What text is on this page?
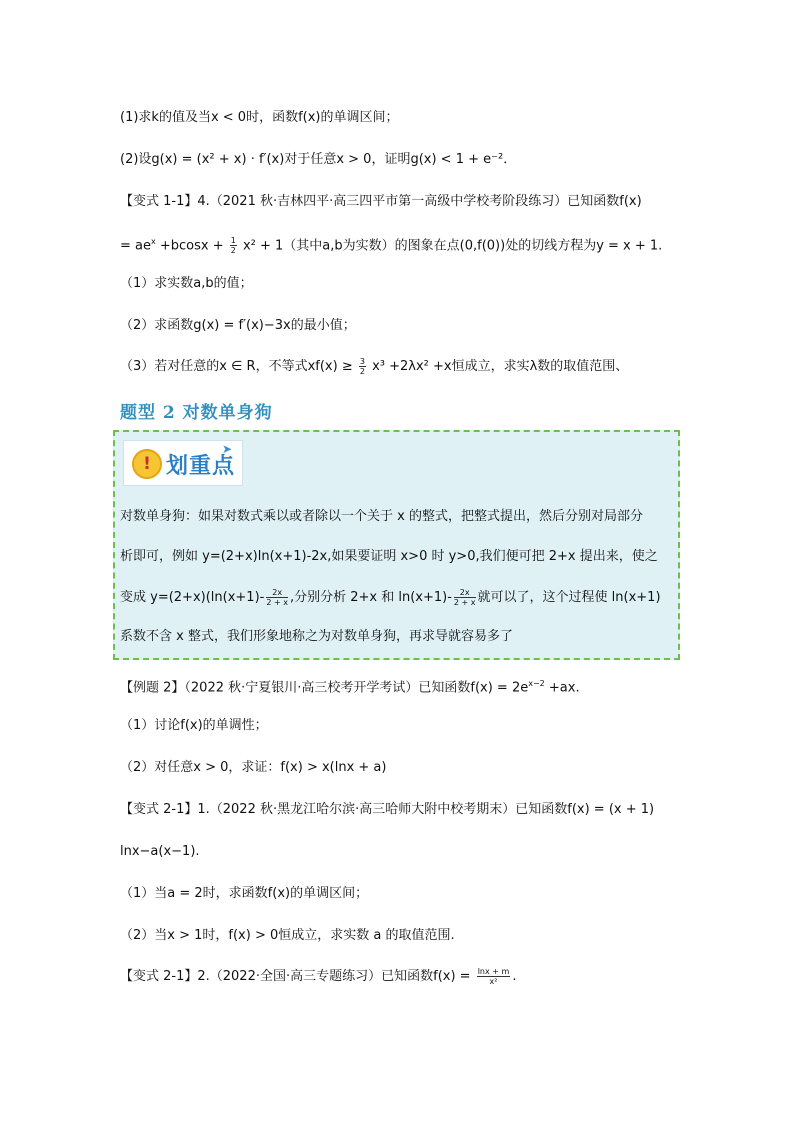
(1)求k的值及当x < 0时，函数f(x)的单调区间；
(2)设g(x) = (x² + x) · f′(x)对于任意x > 0，证明g(x) < 1 + e⁻²．
【变式 1-1】4.（2021 秋·吉林四平·高三四平市第一高级中学校考阶段练习）已知函数f(x)
= $ae^x +bcosx + \frac{1}{2} x^2 + 1$（其中a,b为实数）的图象在点(0,f(0))处的切线方程为y = x + 1.
（1）求实数a,b的值；
（2）求函数g(x) = f′(x)−3x的最小值；
（3）若对任意的x ∈ R，不等式$xf(x) \ge \frac{3}{2} x^3 +2\lambda x^2 +x$恒成立，求实λ数的取值范围、
题型 2 对数单身狗
! 划重点
➤
对数单身狗：如果对数式乘以或者除以一个关于 x 的整式，把整式提出，然后分别对局部分
析即可，例如 y=(2+x)ln(x+1)-2x,如果要证明 x>0 时 y>0,我们便可把 2+x 提出来，使之
变成 $y=(2+x)(\ln(x+1)- \frac{2x}{2 + x}$ ,分别分析 2+x 和 $\ln(x+1)- \frac{2x}{2 + x}$ 就可以了，这个过程使 ln(x+1)
系数不含 x 整式，我们形象地称之为对数单身狗，再求导就容易多了
【例题 2】（2022 秋·宁夏银川·高三校考开学考试）已知函数$f(x) = 2e^{x-2} +ax$.
（1）讨论f(x)的单调性；
（2）对任意x > 0，求证：f(x) > x(lnx + a)
【变式 2-1】1.（2022 秋·黑龙江哈尔滨·高三哈师大附中校考期末）已知函数f(x) = (x + 1)
lnx−a(x−1).
（1）当a = 2时，求函数f(x)的单调区间；
（2）当x > 1时，f(x) > 0恒成立，求实数 a 的取值范围.
【变式 2-1】2.（2022·全国·高三专题练习）已知函数$f(x) = \frac{\ln x + m}{\text{x²}}$ .
